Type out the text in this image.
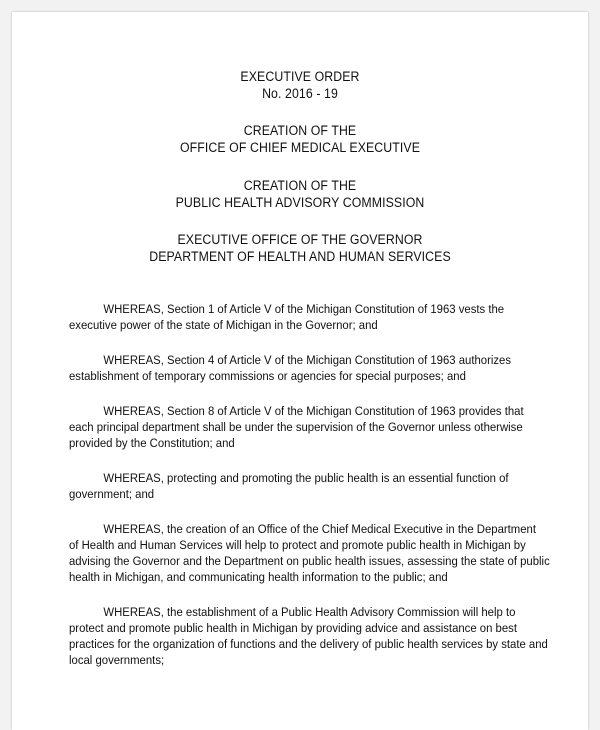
EXECUTIVE ORDER
No. 2016 - 19
CREATION OF THE
OFFICE OF CHIEF MEDICAL EXECUTIVE
CREATION OF THE
PUBLIC HEALTH ADVISORY COMMISSION
EXECUTIVE OFFICE OF THE GOVERNOR
DEPARTMENT OF HEALTH AND HUMAN SERVICES
WHEREAS, Section 1 of Article V of the Michigan Constitution of 1963 vests the
executive power of the state of Michigan in the Governor; and
WHEREAS, Section 4 of Article V of the Michigan Constitution of 1963 authorizes
establishment of temporary commissions or agencies for special purposes; and
WHEREAS, Section 8 of Article V of the Michigan Constitution of 1963 provides that
each principal department shall be under the supervision of the Governor unless otherwise
provided by the Constitution; and
WHEREAS, protecting and promoting the public health is an essential function of
government; and
WHEREAS, the creation of an Office of the Chief Medical Executive in the Department
of Health and Human Services will help to protect and promote public health in Michigan by
advising the Governor and the Department on public health issues, assessing the state of public
health in Michigan, and communicating health information to the public; and
WHEREAS, the establishment of a Public Health Advisory Commission will help to
protect and promote public health in Michigan by providing advice and assistance on best
practices for the organization of functions and the delivery of public health services by state and
local governments;
